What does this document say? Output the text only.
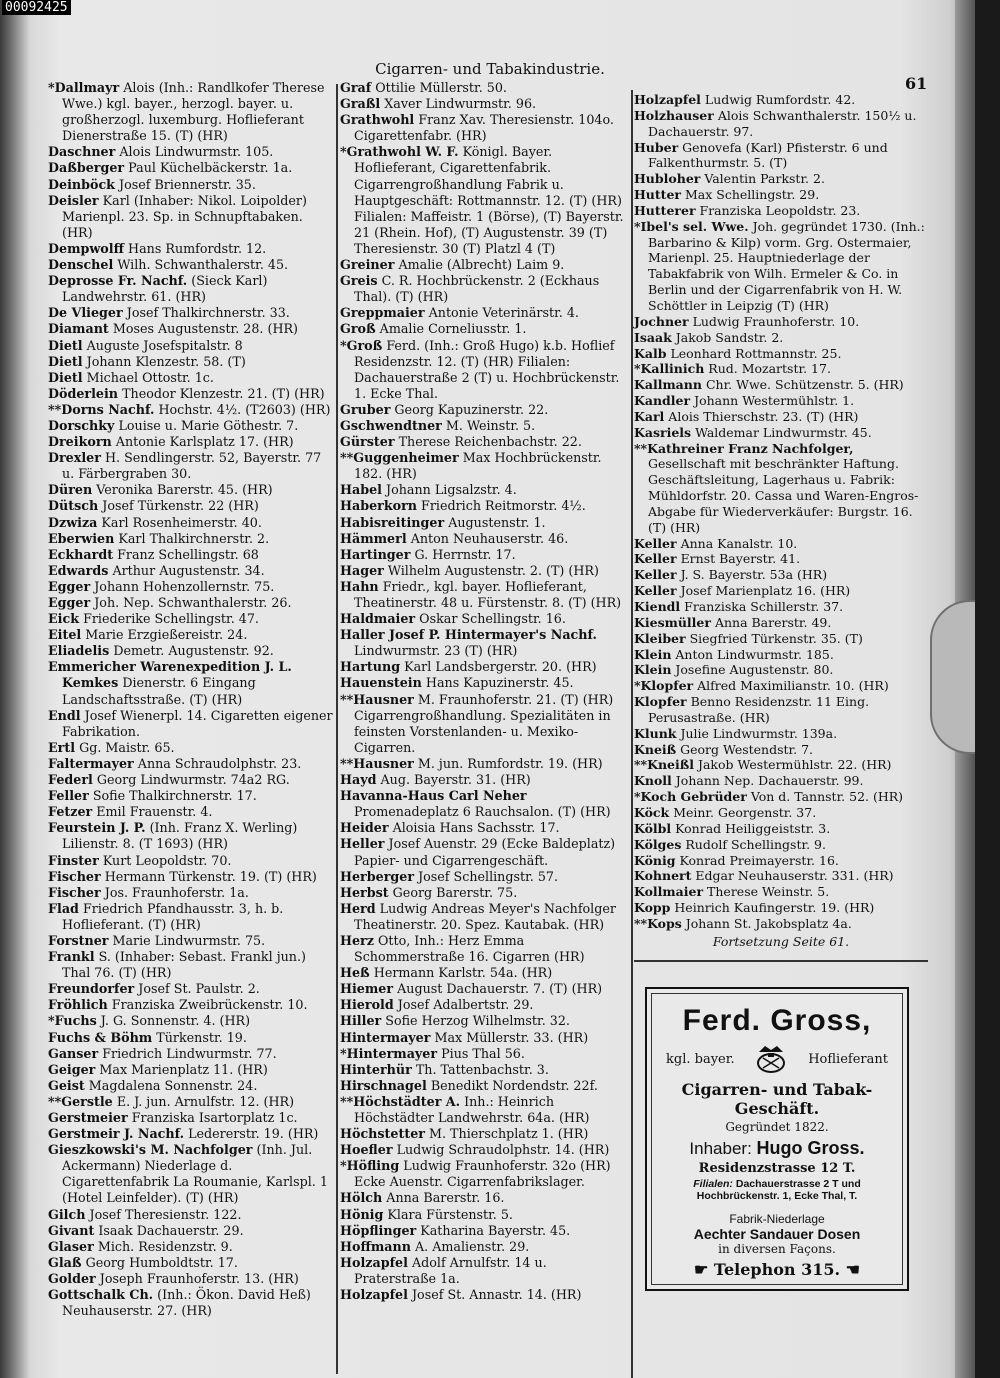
00092425
Cigarren- und Tabakindustrie.
61

*Dallmayr Alois (Inh.: Randlkofer Therese Wwe.) kgl. bayer., herzogl. bayer. u. großherzogl. luxemburg. Hoflieferant Dienerstraße 15. (T) (HR)

Daschner Alois Lindwurmstr. 105.

Daßberger Paul Küchelbäckerstr. 1a.

Deinböck Josef Briennerstr. 35.

Deisler Karl (Inhaber: Nikol. Loipolder) Marienpl. 23. Sp. in Schnupftabaken. (HR)

Dempwolff Hans Rumfordstr. 12.

Denschel Wilh. Schwanthalerstr. 45.

Deprosse Fr. Nachf. (Sieck Karl) Landwehrstr. 61. (HR)

De Vlieger Josef Thalkirchnerstr. 33.

Diamant Moses Augustenstr. 28. (HR)

Dietl Auguste Josefspitalstr. 8

Dietl Johann Klenzestr. 58. (T)

Dietl Michael Ottostr. 1c.

Döderlein Theodor Klenzestr. 21. (T) (HR)

**Dorns Nachf. Hochstr. 4½. (T2603) (HR)

Dorschky Louise u. Marie Göthestr. 7.

Dreikorn Antonie Karlsplatz 17. (HR)

Drexler H. Sendlingerstr. 52, Bayerstr. 77 u. Färbergraben 30.

Düren Veronika Barerstr. 45. (HR)

Dütsch Josef Türkenstr. 22 (HR)

Dzwiza Karl Rosenheimerstr. 40.

Eberwien Karl Thalkirchnerstr. 2.

Eckhardt Franz Schellingstr. 68

Edwards Arthur Augustenstr. 34.

Egger Johann Hohenzollernstr. 75.

Egger Joh. Nep. Schwanthalerstr. 26.

Eick Friederike Schellingstr. 47.

Eitel Marie Erzgießereistr. 24.

Eliadelis Demetr. Augustenstr. 92.

Emmericher Warenexpedition J. L. Kemkes Dienerstr. 6 Eingang Landschaftsstraße. (T) (HR)

Endl Josef Wienerpl. 14. Cigaretten eigener Fabrikation.

Ertl Gg. Maistr. 65.

Faltermayer Anna Schraudolphstr. 23.

Federl Georg Lindwurmstr. 74a2 RG.

Feller Sofie Thalkirchnerstr. 17.

Fetzer Emil Frauenstr. 4.

Feurstein J. P. (Inh. Franz X. Werling) Lilienstr. 8. (T 1693) (HR)

Finster Kurt Leopoldstr. 70.

Fischer Hermann Türkenstr. 19. (T) (HR)

Fischer Jos. Fraunhoferstr. 1a.

Flad Friedrich Pfandhausstr. 3, h. b. Hoflieferant. (T) (HR)

Forstner Marie Lindwurmstr. 75.

Frankl S. (Inhaber: Sebast. Frankl jun.) Thal 76. (T) (HR)

Freundorfer Josef St. Paulstr. 2.

Fröhlich Franziska Zweibrückenstr. 10.

*Fuchs J. G. Sonnenstr. 4. (HR)

Fuchs & Böhm Türkenstr. 19.

Ganser Friedrich Lindwurmstr. 77.

Geiger Max Marienplatz 11. (HR)

Geist Magdalena Sonnenstr. 24.

**Gerstle E. J. jun. Arnulfstr. 12. (HR)

Gerstmeier Franziska Isartorplatz 1c.

Gerstmeir J. Nachf. Ledererstr. 19. (HR)

Gieszkowski's M. Nachfolger (Inh. Jul. Ackermann) Niederlage d. Cigarettenfabrik La Roumanie, Karlspl. 1 (Hotel Leinfelder). (T) (HR)

Gilch Josef Theresienstr. 122.

Givant Isaak Dachauerstr. 29.

Glaser Mich. Residenzstr. 9.

Glaß Georg Humboldtstr. 17.

Golder Joseph Fraunhoferstr. 13. (HR)

Gottschalk Ch. (Inh.: Ökon. David Heß) Neuhauserstr. 27. (HR)

Graf Ottilie Müllerstr. 50.

Graßl Xaver Lindwurmstr. 96.

Grathwohl Franz Xav. Theresienstr. 104o. Cigarettenfabr. (HR)

*Grathwohl W. F. Königl. Bayer. Hoflieferant, Cigarettenfabrik. Cigarrengroßhandlung Fabrik u. Hauptgeschäft: Rottmannstr. 12. (T) (HR) Filialen: Maffeistr. 1 (Börse), (T) Bayerstr. 21 (Rhein. Hof), (T) Augustenstr. 39 (T) Theresienstr. 30 (T) Platzl 4 (T)

Greiner Amalie (Albrecht) Laim 9.

Greis C. R. Hochbrückenstr. 2 (Eckhaus Thal). (T) (HR)

Greppmaier Antonie Veterinärstr. 4.

Groß Amalie Corneliusstr. 1.

*Groß Ferd. (Inh.: Groß Hugo) k.b. Hoflief Residenzstr. 12. (T) (HR) Filialen: Dachauerstraße 2 (T) u. Hochbrückenstr. 1. Ecke Thal.

Gruber Georg Kapuzinerstr. 22.

Gschwendtner M. Weinstr. 5.

Gürster Therese Reichenbachstr. 22.

**Guggenheimer Max Hochbrückenstr. 182. (HR)

Habel Johann Ligsalzstr. 4.

Haberkorn Friedrich Reitmorstr. 4½.

Habisreitinger Augustenstr. 1.

Hämmerl Anton Neuhauserstr. 46.

Hartinger G. Herrnstr. 17.

Hager Wilhelm Augustenstr. 2. (T) (HR)

Hahn Friedr., kgl. bayer. Hoflieferant, Theatinerstr. 48 u. Fürstenstr. 8. (T) (HR)

Haldmaier Oskar Schellingstr. 16.

Haller Josef P. Hintermayer's Nachf. Lindwurmstr. 23 (T) (HR)

Hartung Karl Landsbergerstr. 20. (HR)

Hauenstein Hans Kapuzinerstr. 45.

**Hausner M. Fraunhoferstr. 21. (T) (HR) Cigarrengroßhandlung. Spezialitäten in feinsten Vorstenlanden- u. Mexiko-Cigarren.

**Hausner M. jun. Rumfordstr. 19. (HR)

Hayd Aug. Bayerstr. 31. (HR)

Havanna-Haus Carl Neher Promenadeplatz 6 Rauchsalon. (T) (HR)

Heider Aloisia Hans Sachsstr. 17.

Heller Josef Auenstr. 29 (Ecke Baldeplatz) Papier- und Cigarrengeschäft.

Herberger Josef Schellingstr. 57.

Herbst Georg Barerstr. 75.

Herd Ludwig Andreas Meyer's Nachfolger Theatinerstr. 20. Spez. Kautabak. (HR)

Herz Otto, Inh.: Herz Emma Schommerstraße 16. Cigarren (HR)

Heß Hermann Karlstr. 54a. (HR)

Hiemer August Dachauerstr. 7. (T) (HR)

Hierold Josef Adalbertstr. 29.

Hiller Sofie Herzog Wilhelmstr. 32.

Hintermayer Max Müllerstr. 33. (HR)

*Hintermayer Pius Thal 56.

Hinterhür Th. Tattenbachstr. 3.

Hirschnagel Benedikt Nordendstr. 22f.

**Höchstädter A. Inh.: Heinrich Höchstädter Landwehrstr. 64a. (HR)

Höchstetter M. Thierschplatz 1. (HR)

Hoefler Ludwig Schraudolphstr. 14. (HR)

*Höfling Ludwig Fraunhoferstr. 32o (HR) Ecke Auenstr. Cigarrenfabrikslager.

Hölch Anna Barerstr. 16.

Hönig Klara Fürstenstr. 5.

Höpflinger Katharina Bayerstr. 45.

Hoffmann A. Amalienstr. 29.

Holzapfel Adolf Arnulfstr. 14 u. Praterstraße 1a.

Holzapfel Josef St. Annastr. 14. (HR)

Holzapfel Ludwig Rumfordstr. 42.

Holzhauser Alois Schwanthalerstr. 150½ u. Dachauerstr. 97.

Huber Genovefa (Karl) Pfisterstr. 6 und Falkenthurmstr. 5. (T)

Hubloher Valentin Parkstr. 2.

Hutter Max Schellingstr. 29.

Hutterer Franziska Leopoldstr. 23.

*Ibel's sel. Wwe. Joh. gegründet 1730. (Inh.: Barbarino & Kilp) vorm. Grg. Ostermaier, Marienpl. 25. Hauptniederlage der Tabakfabrik von Wilh. Ermeler & Co. in Berlin und der Cigarrenfabrik von H. W. Schöttler in Leipzig (T) (HR)

Jochner Ludwig Fraunhoferstr. 10.

Isaak Jakob Sandstr. 2.

Kalb Leonhard Rottmannstr. 25.

*Kallinich Rud. Mozartstr. 17.

Kallmann Chr. Wwe. Schützenstr. 5. (HR)

Kandler Johann Westermühlstr. 1.

Karl Alois Thierschstr. 23. (T) (HR)

Kasriels Waldemar Lindwurmstr. 45.

**Kathreiner Franz Nachfolger, Gesellschaft mit beschränkter Haftung. Geschäftsleitung, Lagerhaus u. Fabrik: Mühldorfstr. 20. Cassa und Waren-Engros-Abgabe für Wiederverkäufer: Burgstr. 16. (T) (HR)

Keller Anna Kanalstr. 10.

Keller Ernst Bayerstr. 41.

Keller J. S. Bayerstr. 53a (HR)

Keller Josef Marienplatz 16. (HR)

Kiendl Franziska Schillerstr. 37.

Kiesmüller Anna Barerstr. 49.

Kleiber Siegfried Türkenstr. 35. (T)

Klein Anton Lindwurmstr. 185.

Klein Josefine Augustenstr. 80.

*Klopfer Alfred Maximilianstr. 10. (HR)

Klopfer Benno Residenzstr. 11 Eing. Perusastraße. (HR)

Klunk Julie Lindwurmstr. 139a.

Kneiß Georg Westendstr. 7.

**Kneißl Jakob Westermühlstr. 22. (HR)

Knoll Johann Nep. Dachauerstr. 99.

*Koch Gebrüder Von d. Tannstr. 52. (HR)

Köck Meinr. Georgenstr. 37.

Kölbl Konrad Heiliggeiststr. 3.

Kölges Rudolf Schellingstr. 9.

König Konrad Preimayerstr. 16.

Kohnert Edgar Neuhauserstr. 331. (HR)

Kollmaier Therese Weinstr. 5.

Kopp Heinrich Kaufingerstr. 19. (HR)

**Kops Johann St. Jakobsplatz 4a.

Fortsetzung Seite 61.

Ferd. Gross,
kgl. bayer.	Hoflieferant
Cigarren- und Tabak-Geschäft.
Gegründet 1822.
Inhaber: Hugo Gross.
Residenzstrasse 12 T.
Filialen: Dachauerstrasse 2 T und
Hochbrückenstr. 1, Ecke Thal, T.
Fabrik-Niederlage
Aechter Sandauer Dosen
in diversen Façons.
☛ Telephon 315. ☚
